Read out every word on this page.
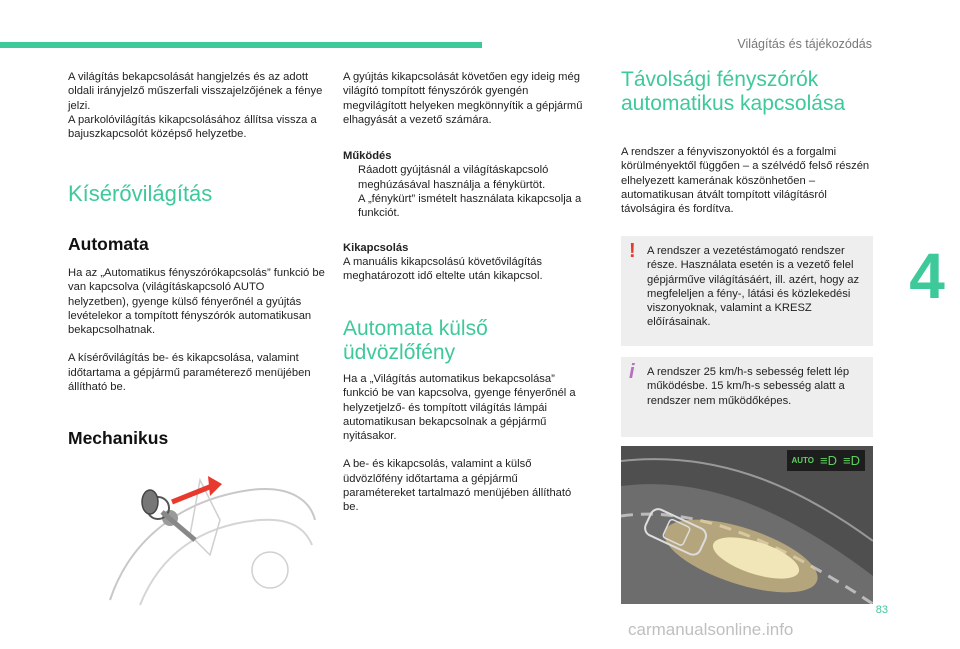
Világítás és tájékozódás
4

A világítás bekapcsolását hangjelzés és az adott oldali irányjelző műszerfali visszajelzőjének a fénye jelzi.

A parkolóvilágítás kikapcsolásához állítsa vissza a bajuszkapcsolót középső helyzetbe.

Kísérővilágítás
Automata

Ha az „Automatikus fényszórókapcsolás” funkció be van kapcsolva (világításkapcsoló AUTO helyzetben), gyenge külső fényerőnél a gyújtás levételekor a tompított fényszórók automatikusan bekapcsolhatnak.

A kísérővilágítás be- és kikapcsolása, valamint időtartama a gépjármű paraméterező menüjében állítható be.

Mechanikus

A gyújtás kikapcsolását követően egy ideig még világító tompított fényszórók gyengén megvilágított helyeken megkönnyítik a gépjármű elhagyását a vezető számára.

Működés
Ráadott gyújtásnál a világításkapcsoló meghúzásával használja a fénykürtöt.
A „fénykürt” ismételt használata kikapcsolja a funkciót.
Kikapcsolás

A manuális kikapcsolású követővilágítás meghatározott idő eltelte után kikapcsol.

Automata külső üdvözlőfény

Ha a „Világítás automatikus bekapcsolása” funkció be van kapcsolva, gyenge fényerőnél a helyzetjelző- és tompított világítás lámpái automatikusan bekapcsolnak a gépjármű nyitásakor.

A be- és kikapcsolás, valamint a külső üdvözlőfény időtartama a gépjármű paramétereket tartalmazó menüjében állítható be.

Távolsági fényszórók automatikus kapcsolása
A rendszer a fényviszonyoktól és a forgalmi körülményektől függően – a szélvédő felső részén elhelyezett kamerának köszönhetően – automatikusan átvált tompított világításról távolságira és fordítva.
! A rendszer a vezetéstámogató rendszer része. Használata esetén is a vezető felel gépjárműve világításáért, ill. azért, hogy az megfeleljen a fény-, látási és közlekedési viszonyoknak, valamint a KRESZ előírásainak.
i A rendszer 25 km/h-s sebesség felett lép működésbe. 15 km/h-s sebesség alatt a rendszer nem működőképes.
AUTO ≡D ≡D
83
carmanualsonline.info
